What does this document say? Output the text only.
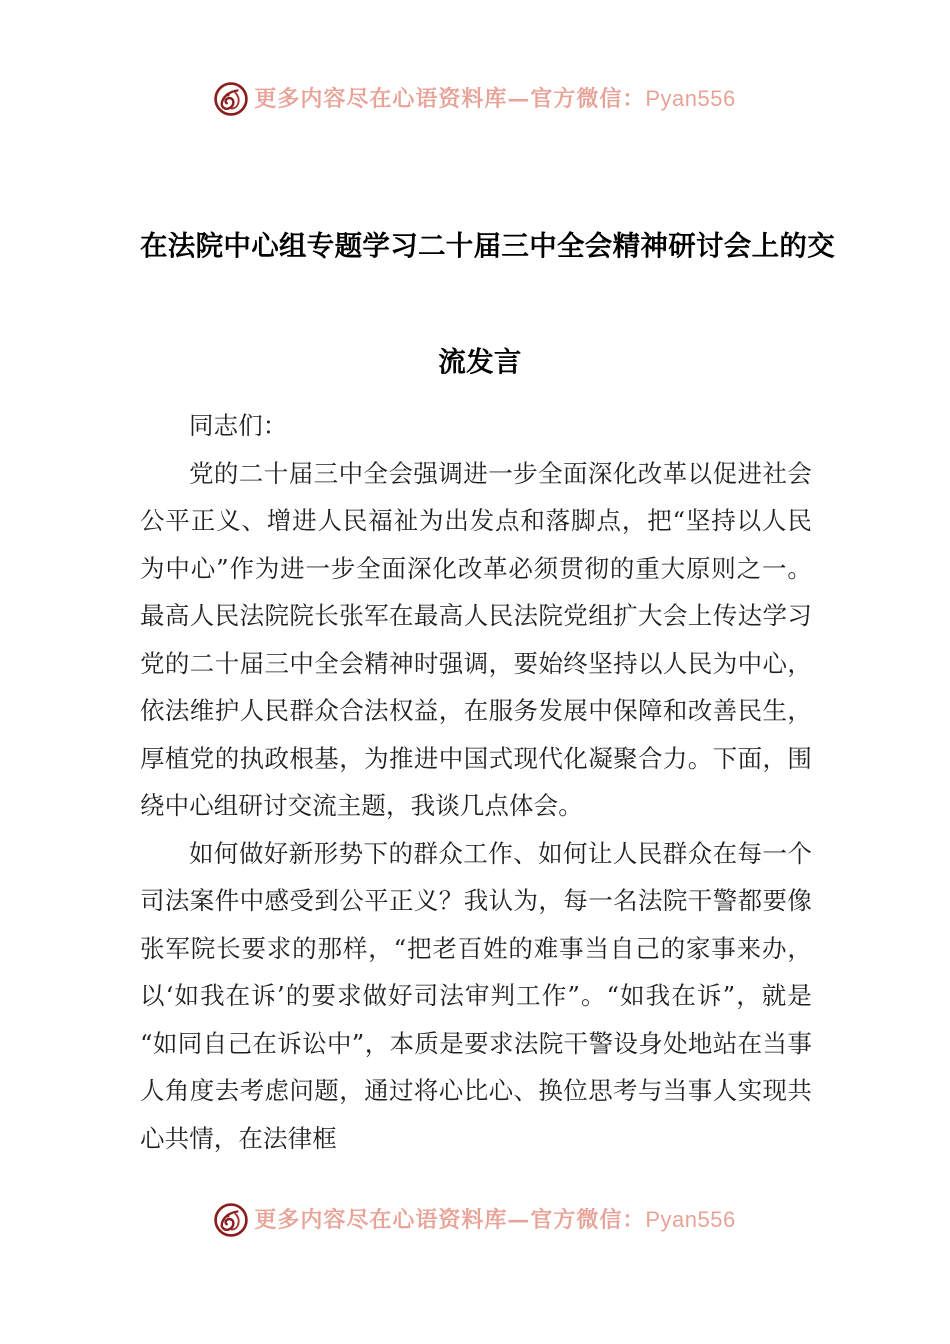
更多内容尽在心语资料库—官方微信：Pyan556
在法院中心组专题学习二十届三中全会精神研讨会上的交
流发言

同志们：

党的二十届三中全会强调进一步全面深化改革以促进社会公平正义、增进人民福祉为出发点和落脚点，把“坚持以人民为中心”作为进一步全面深化改革必须贯彻的重大原则之一。最高人民法院院长张军在最高人民法院党组扩大会上传达学习党的二十届三中全会精神时强调，要始终坚持以人民为中心，依法维护人民群众合法权益，在服务发展中保障和改善民生，厚植党的执政根基，为推进中国式现代化凝聚合力。下面，围绕中心组研讨交流主题，我谈几点体会。

如何做好新形势下的群众工作、如何让人民群众在每一个司法案件中感受到公平正义？我认为，每一名法院干警都要像张军院长要求的那样，“把老百姓的难事当自己的家事来办，以‘如我在诉’的要求做好司法审判工作”。“如我在诉”，就是“如同自己在诉讼中”，本质是要求法院干警设身处地站在当事人角度去考虑问题，通过将心比心、换位思考与当事人实现共心共情，在法律框

更多内容尽在心语资料库—官方微信：Pyan556
